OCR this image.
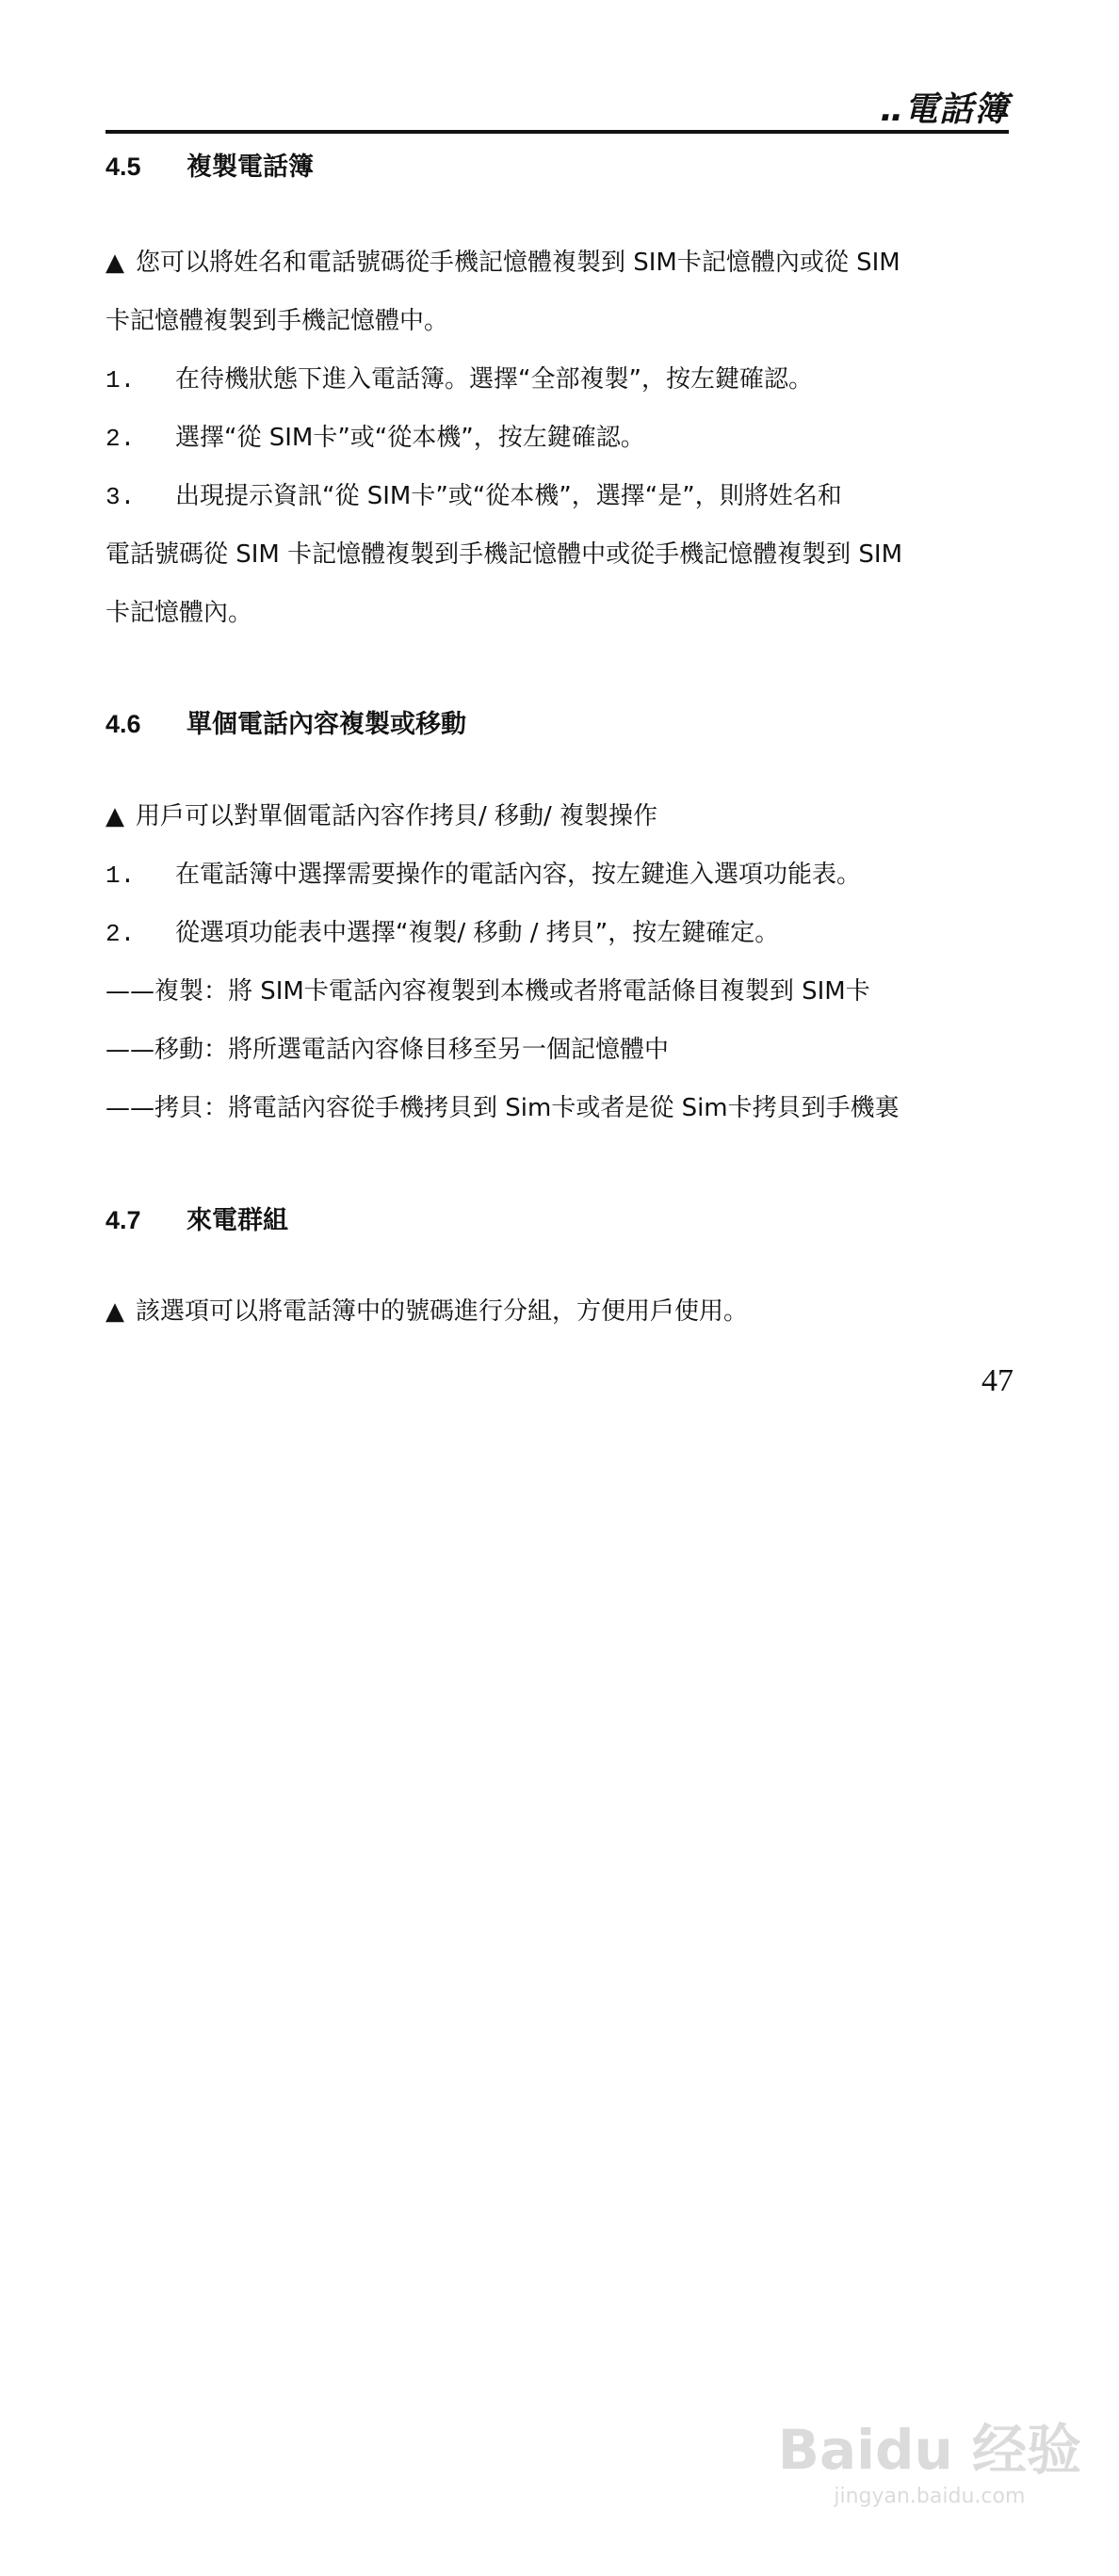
‥電話簿
4.5 複製電話簿
▲ 您可以將姓名和電話號碼從手機記憶體複製到 SIM卡記憶體內或從 SIM
卡記憶體複製到手機記憶體中。
1. 在待機狀態下進入電話簿。選擇“全部複製”，按左鍵確認。
2. 選擇“從 SIM卡”或“從本機”，按左鍵確認。
3. 出現提示資訊“從 SIM卡”或“從本機”，選擇“是”，則將姓名和
電話號碼從 SIM 卡記憶體複製到手機記憶體中或從手機記憶體複製到 SIM
卡記憶體內。
4.6 單個電話內容複製或移動
▲ 用戶可以對單個電話內容作拷貝/ 移動/ 複製操作
1. 在電話簿中選擇需要操作的電話內容，按左鍵進入選項功能表。
2. 從選項功能表中選擇“複製/ 移動 / 拷貝”，按左鍵確定。
——複製：將 SIM卡電話內容複製到本機或者將電話條目複製到 SIM卡
——移動：將所選電話內容條目移至另一個記憶體中
——拷貝：將電話內容從手機拷貝到 Sim卡或者是從 Sim卡拷貝到手機裏
4.7 來電群組
▲ 該選項可以將電話簿中的號碼進行分組，方便用戶使用。
47
Baidu 经验
jingyan.baidu.com
